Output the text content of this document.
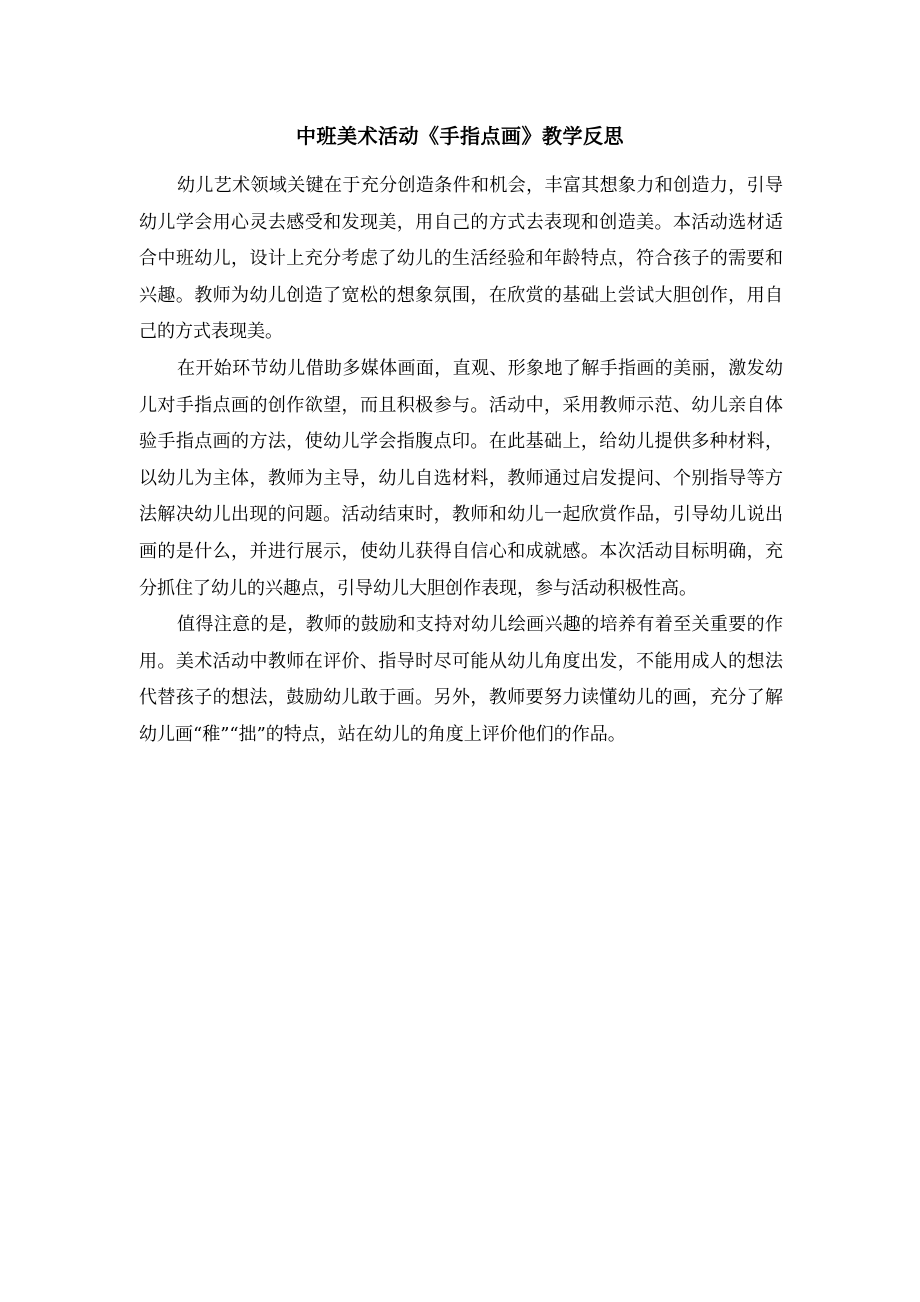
中班美术活动《手指点画》教学反思

幼儿艺术领域关键在于充分创造条件和机会，丰富其想象力和创造力，引导幼儿学会用心灵去感受和发现美，用自己的方式去表现和创造美。本活动选材适合中班幼儿，设计上充分考虑了幼儿的生活经验和年龄特点，符合孩子的需要和兴趣。教师为幼儿创造了宽松的想象氛围，在欣赏的基础上尝试大胆创作，用自己的方式表现美。

在开始环节幼儿借助多媒体画面，直观、形象地了解手指画的美丽，激发幼儿对手指点画的创作欲望，而且积极参与。活动中，采用教师示范、幼儿亲自体验手指点画的方法，使幼儿学会指腹点印。在此基础上，给幼儿提供多种材料，以幼儿为主体，教师为主导，幼儿自选材料，教师通过启发提问、个别指导等方法解决幼儿出现的问题。活动结束时，教师和幼儿一起欣赏作品，引导幼儿说出画的是什么，并进行展示，使幼儿获得自信心和成就感。本次活动目标明确，充分抓住了幼儿的兴趣点，引导幼儿大胆创作表现，参与活动积极性高。

值得注意的是，教师的鼓励和支持对幼儿绘画兴趣的培养有着至关重要的作用。美术活动中教师在评价、指导时尽可能从幼儿角度出发，不能用成人的想法代替孩子的想法，鼓励幼儿敢于画。另外，教师要努力读懂幼儿的画，充分了解幼儿画“稚”“拙”的特点，站在幼儿的角度上评价他们的作品。
